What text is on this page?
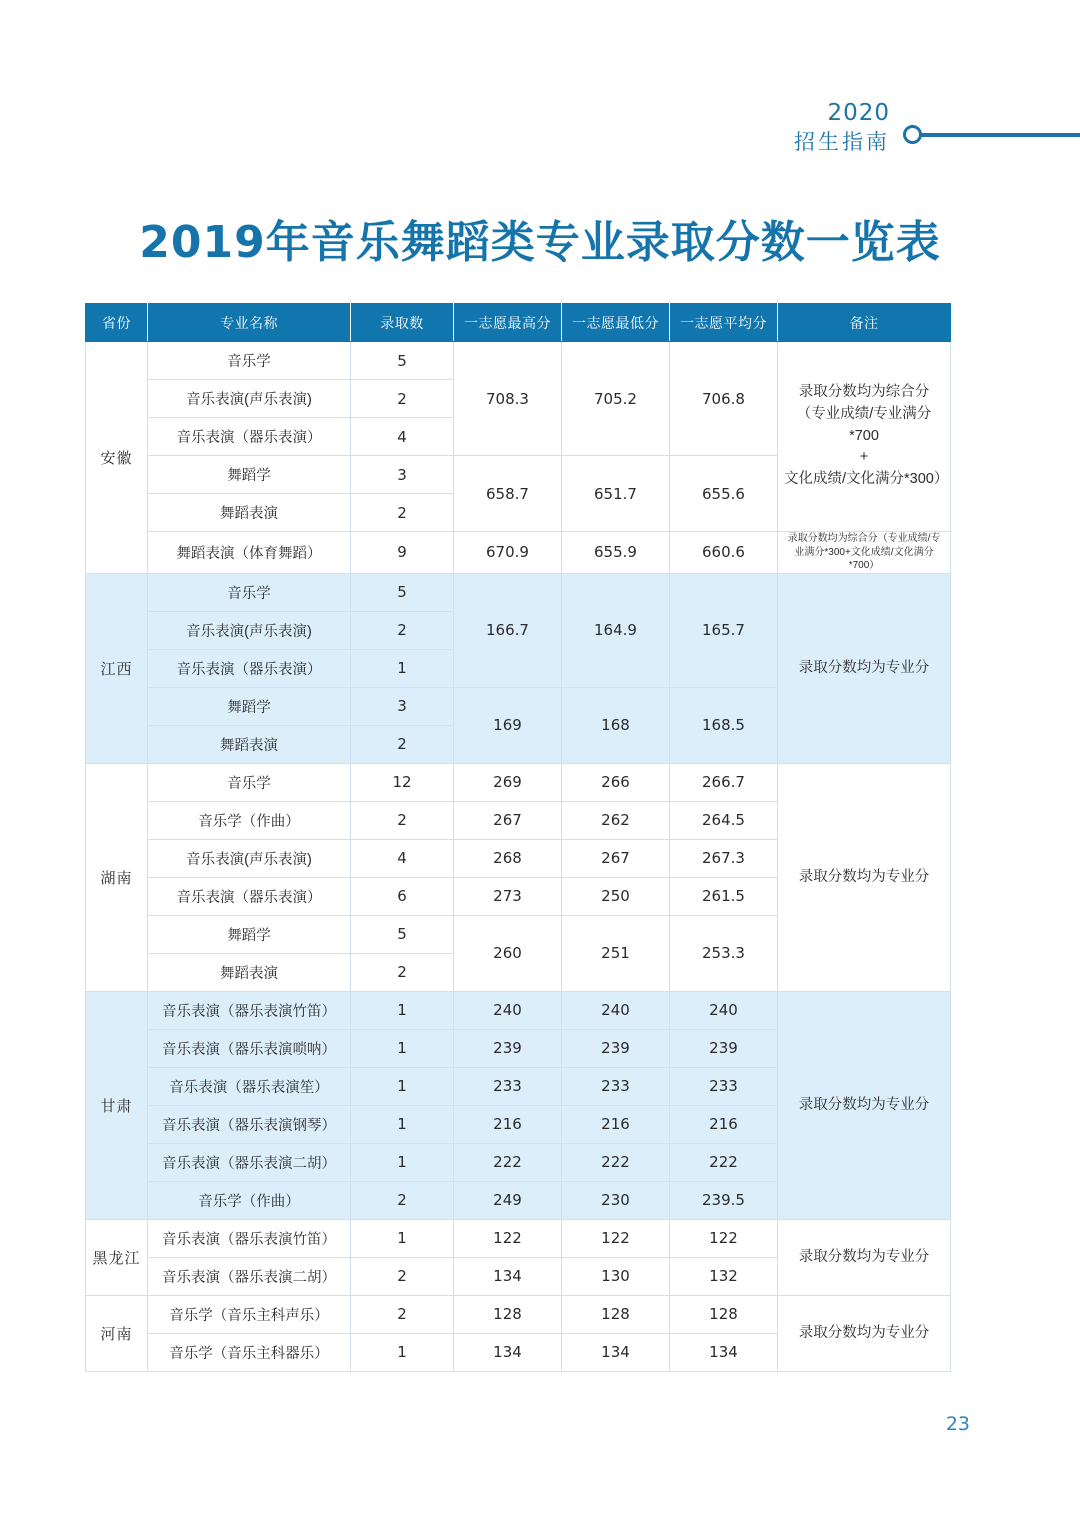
2020
招生指南
2019年音乐舞蹈类专业录取分数一览表
省份	专业名称	录取数	一志愿最高分	一志愿最低分	一志愿平均分	备注
安徽	音乐学	5	708.3	705.2	706.8	录取分数均为综合分
（专业成绩/专业满分*700
+
文化成绩/文化满分*300）

	音乐表演(声乐表演)	2				
	音乐表演（器乐表演）	4				
	舞蹈学	3	658.7	651.7	655.6	
	舞蹈表演	2				
	舞蹈表演（体育舞蹈）	9	670.9	655.9	660.6	录取分数均为综合分（专业成绩/专业满分*300+文化成绩/文化满分*700）
江西	音乐学	5	166.7	164.9	165.7	录取分数均为专业分
	音乐表演(声乐表演)	2				
	音乐表演（器乐表演）	1				
	舞蹈学	3	169	168	168.5	
	舞蹈表演	2				
湖南	音乐学	12	269	266	266.7	录取分数均为专业分
	音乐学（作曲）	2	267	262	264.5	
	音乐表演(声乐表演)	4	268	267	267.3	
	音乐表演（器乐表演）	6	273	250	261.5	
	舞蹈学	5	260	251	253.3	
	舞蹈表演	2				
甘肃	音乐表演（器乐表演竹笛）	1	240	240	240	录取分数均为专业分
	音乐表演（器乐表演唢呐）	1	239	239	239	
	音乐表演（器乐表演笙）	1	233	233	233	
	音乐表演（器乐表演钢琴）	1	216	216	216	
	音乐表演（器乐表演二胡）	1	222	222	222	
	音乐学（作曲）	2	249	230	239.5	
黑龙江	音乐表演（器乐表演竹笛）	1	122	122	122	录取分数均为专业分
	音乐表演（器乐表演二胡）	2	134	130	132	
河南	音乐学（音乐主科声乐）	2	128	128	128	录取分数均为专业分
	音乐学（音乐主科器乐）	1	134	134	134	
23
